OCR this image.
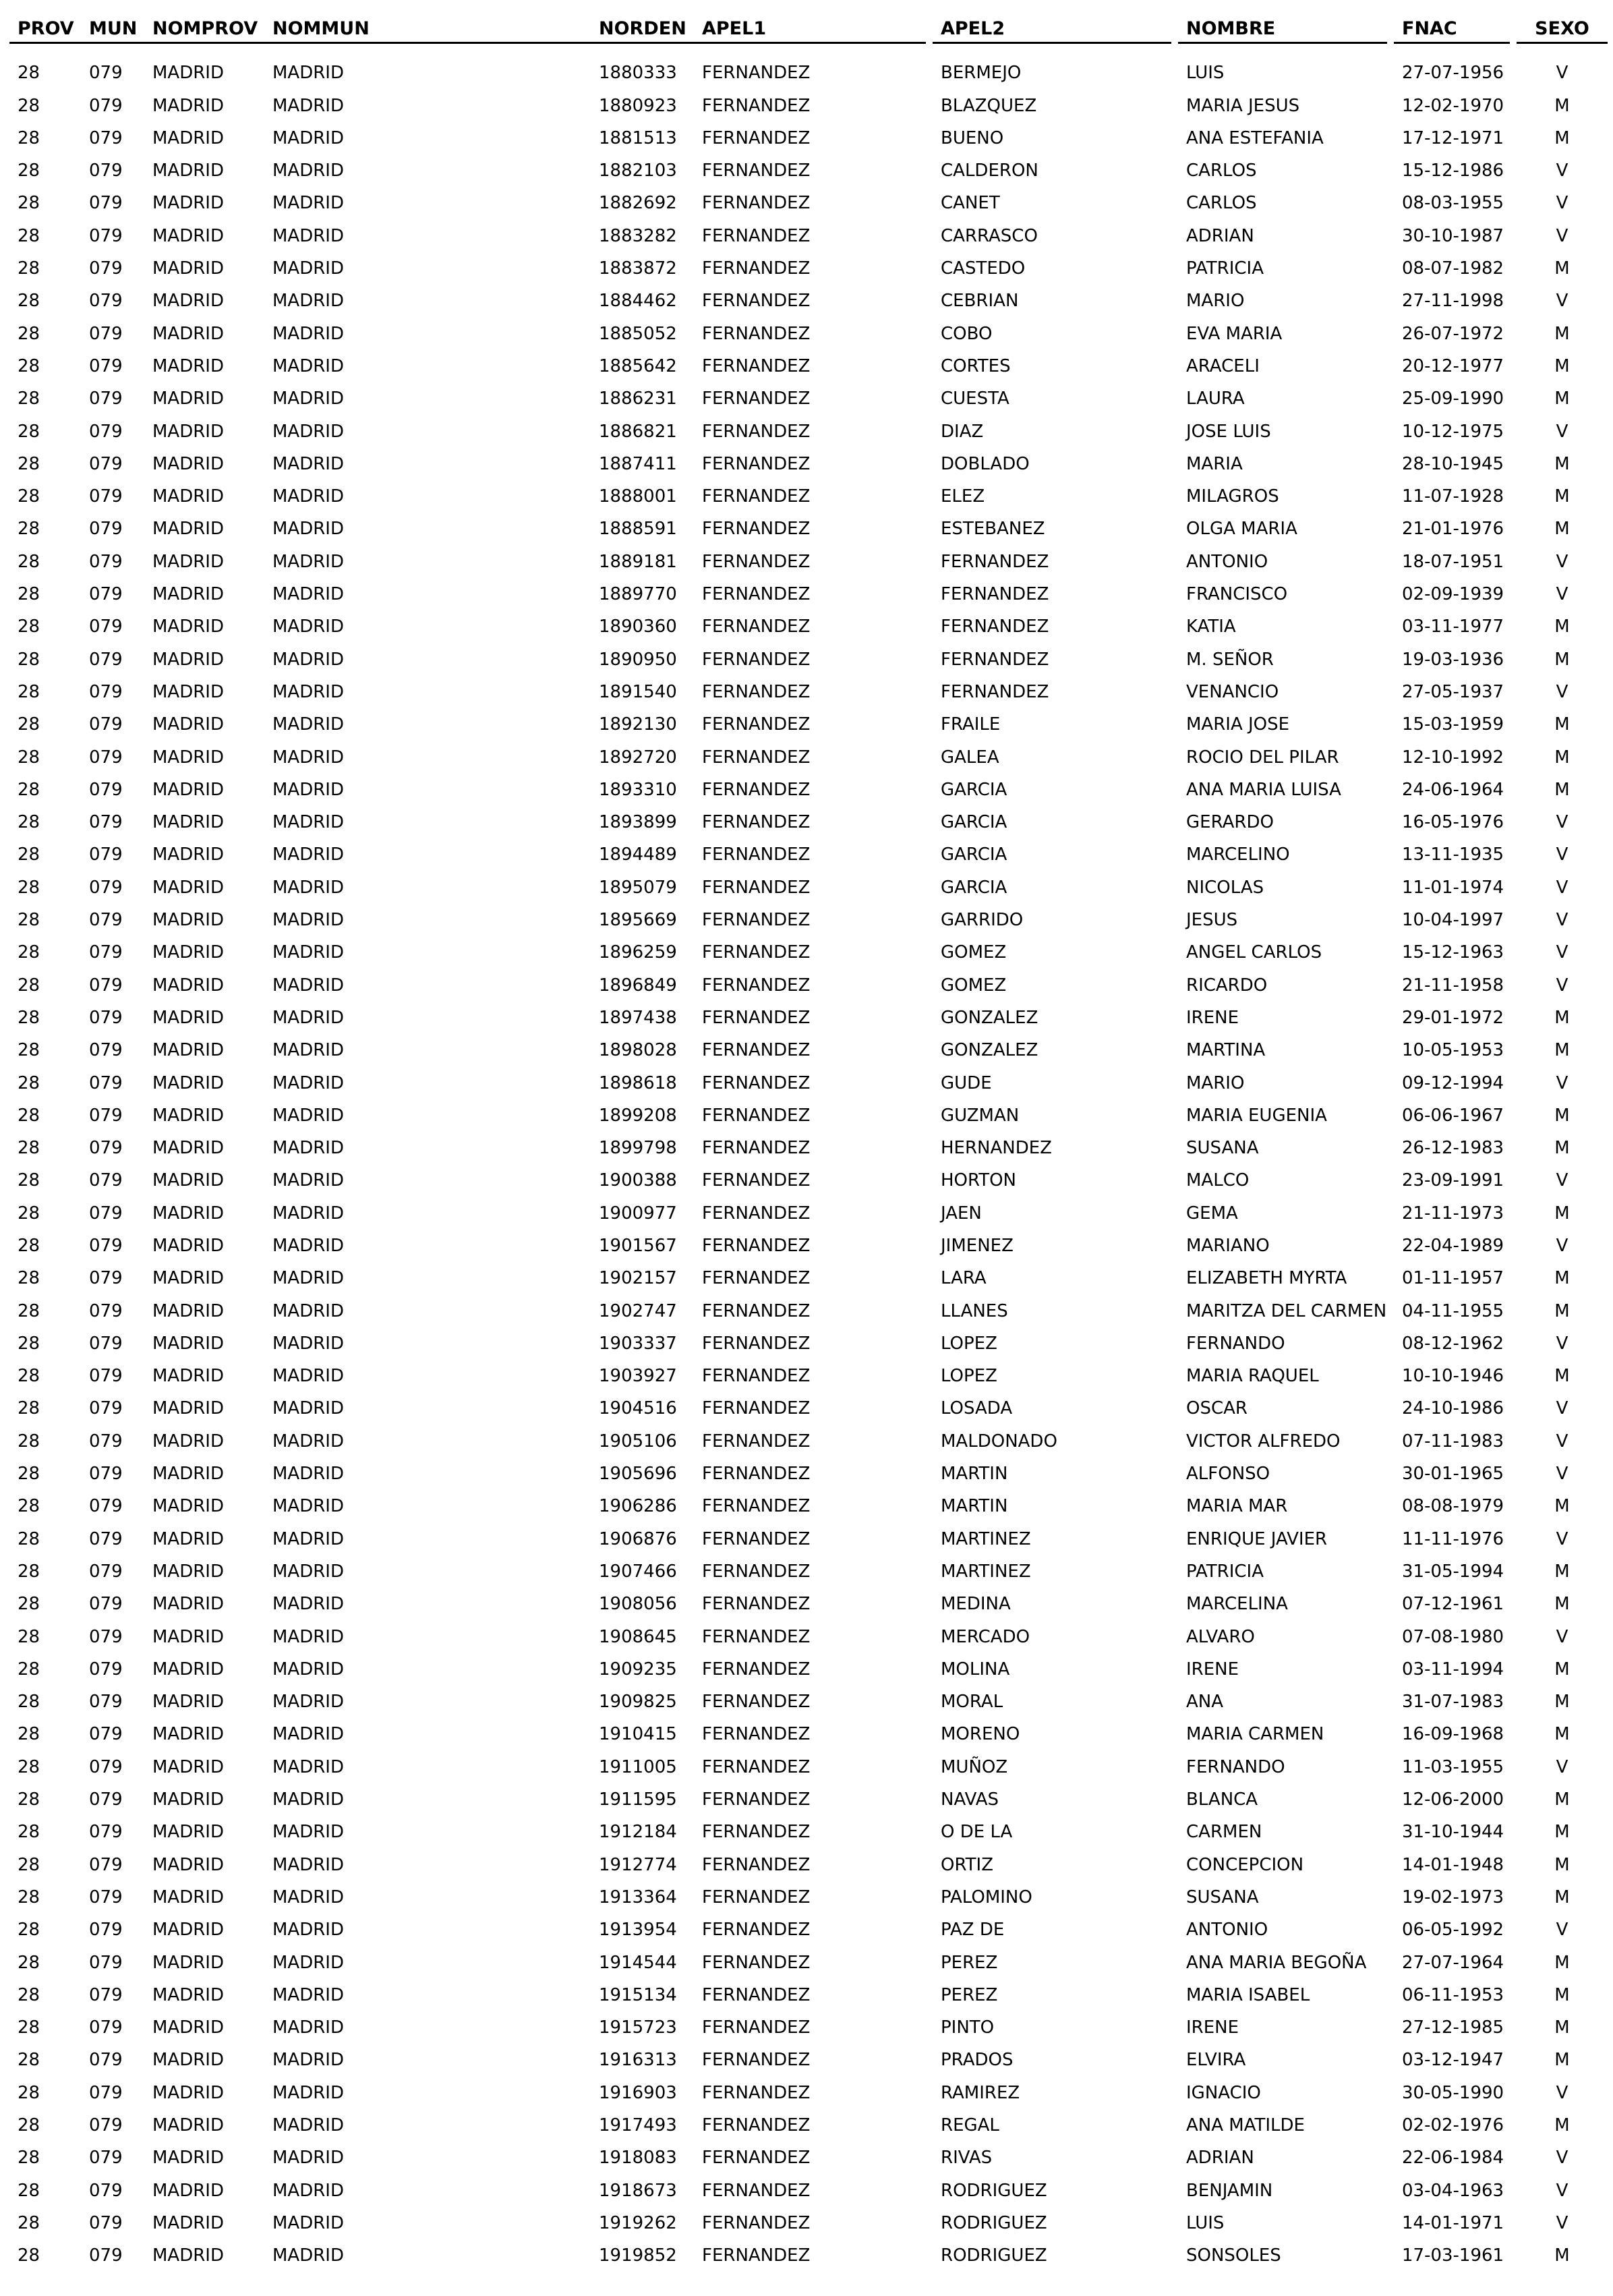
PROV	MUN	NOMPROV	NOMMUN	NORDEN	APEL1		APEL2		NOMBRE		FNAC		SEXO

28	079	MADRID	MADRID	1880333	FERNANDEZ		BERMEJO		LUIS		27-07-1956		V
28	079	MADRID	MADRID	1880923	FERNANDEZ		BLAZQUEZ		MARIA JESUS		12-02-1970		M
28	079	MADRID	MADRID	1881513	FERNANDEZ		BUENO		ANA ESTEFANIA		17-12-1971		M
28	079	MADRID	MADRID	1882103	FERNANDEZ		CALDERON		CARLOS		15-12-1986		V
28	079	MADRID	MADRID	1882692	FERNANDEZ		CANET		CARLOS		08-03-1955		V
28	079	MADRID	MADRID	1883282	FERNANDEZ		CARRASCO		ADRIAN		30-10-1987		V
28	079	MADRID	MADRID	1883872	FERNANDEZ		CASTEDO		PATRICIA		08-07-1982		M
28	079	MADRID	MADRID	1884462	FERNANDEZ		CEBRIAN		MARIO		27-11-1998		V
28	079	MADRID	MADRID	1885052	FERNANDEZ		COBO		EVA MARIA		26-07-1972		M
28	079	MADRID	MADRID	1885642	FERNANDEZ		CORTES		ARACELI		20-12-1977		M
28	079	MADRID	MADRID	1886231	FERNANDEZ		CUESTA		LAURA		25-09-1990		M
28	079	MADRID	MADRID	1886821	FERNANDEZ		DIAZ		JOSE LUIS		10-12-1975		V
28	079	MADRID	MADRID	1887411	FERNANDEZ		DOBLADO		MARIA		28-10-1945		M
28	079	MADRID	MADRID	1888001	FERNANDEZ		ELEZ		MILAGROS		11-07-1928		M
28	079	MADRID	MADRID	1888591	FERNANDEZ		ESTEBANEZ		OLGA MARIA		21-01-1976		M
28	079	MADRID	MADRID	1889181	FERNANDEZ		FERNANDEZ		ANTONIO		18-07-1951		V
28	079	MADRID	MADRID	1889770	FERNANDEZ		FERNANDEZ		FRANCISCO		02-09-1939		V
28	079	MADRID	MADRID	1890360	FERNANDEZ		FERNANDEZ		KATIA		03-11-1977		M
28	079	MADRID	MADRID	1890950	FERNANDEZ		FERNANDEZ		M. SEÑOR		19-03-1936		M
28	079	MADRID	MADRID	1891540	FERNANDEZ		FERNANDEZ		VENANCIO		27-05-1937		V
28	079	MADRID	MADRID	1892130	FERNANDEZ		FRAILE		MARIA JOSE		15-03-1959		M
28	079	MADRID	MADRID	1892720	FERNANDEZ		GALEA		ROCIO DEL PILAR		12-10-1992		M
28	079	MADRID	MADRID	1893310	FERNANDEZ		GARCIA		ANA MARIA LUISA		24-06-1964		M
28	079	MADRID	MADRID	1893899	FERNANDEZ		GARCIA		GERARDO		16-05-1976		V
28	079	MADRID	MADRID	1894489	FERNANDEZ		GARCIA		MARCELINO		13-11-1935		V
28	079	MADRID	MADRID	1895079	FERNANDEZ		GARCIA		NICOLAS		11-01-1974		V
28	079	MADRID	MADRID	1895669	FERNANDEZ		GARRIDO		JESUS		10-04-1997		V
28	079	MADRID	MADRID	1896259	FERNANDEZ		GOMEZ		ANGEL CARLOS		15-12-1963		V
28	079	MADRID	MADRID	1896849	FERNANDEZ		GOMEZ		RICARDO		21-11-1958		V
28	079	MADRID	MADRID	1897438	FERNANDEZ		GONZALEZ		IRENE		29-01-1972		M
28	079	MADRID	MADRID	1898028	FERNANDEZ		GONZALEZ		MARTINA		10-05-1953		M
28	079	MADRID	MADRID	1898618	FERNANDEZ		GUDE		MARIO		09-12-1994		V
28	079	MADRID	MADRID	1899208	FERNANDEZ		GUZMAN		MARIA EUGENIA		06-06-1967		M
28	079	MADRID	MADRID	1899798	FERNANDEZ		HERNANDEZ		SUSANA		26-12-1983		M
28	079	MADRID	MADRID	1900388	FERNANDEZ		HORTON		MALCO		23-09-1991		V
28	079	MADRID	MADRID	1900977	FERNANDEZ		JAEN		GEMA		21-11-1973		M
28	079	MADRID	MADRID	1901567	FERNANDEZ		JIMENEZ		MARIANO		22-04-1989		V
28	079	MADRID	MADRID	1902157	FERNANDEZ		LARA		ELIZABETH MYRTA		01-11-1957		M
28	079	MADRID	MADRID	1902747	FERNANDEZ		LLANES		MARITZA DEL CARMEN		04-11-1955		M
28	079	MADRID	MADRID	1903337	FERNANDEZ		LOPEZ		FERNANDO		08-12-1962		V
28	079	MADRID	MADRID	1903927	FERNANDEZ		LOPEZ		MARIA RAQUEL		10-10-1946		M
28	079	MADRID	MADRID	1904516	FERNANDEZ		LOSADA		OSCAR		24-10-1986		V
28	079	MADRID	MADRID	1905106	FERNANDEZ		MALDONADO		VICTOR ALFREDO		07-11-1983		V
28	079	MADRID	MADRID	1905696	FERNANDEZ		MARTIN		ALFONSO		30-01-1965		V
28	079	MADRID	MADRID	1906286	FERNANDEZ		MARTIN		MARIA MAR		08-08-1979		M
28	079	MADRID	MADRID	1906876	FERNANDEZ		MARTINEZ		ENRIQUE JAVIER		11-11-1976		V
28	079	MADRID	MADRID	1907466	FERNANDEZ		MARTINEZ		PATRICIA		31-05-1994		M
28	079	MADRID	MADRID	1908056	FERNANDEZ		MEDINA		MARCELINA		07-12-1961		M
28	079	MADRID	MADRID	1908645	FERNANDEZ		MERCADO		ALVARO		07-08-1980		V
28	079	MADRID	MADRID	1909235	FERNANDEZ		MOLINA		IRENE		03-11-1994		M
28	079	MADRID	MADRID	1909825	FERNANDEZ		MORAL		ANA		31-07-1983		M
28	079	MADRID	MADRID	1910415	FERNANDEZ		MORENO		MARIA CARMEN		16-09-1968		M
28	079	MADRID	MADRID	1911005	FERNANDEZ		MUÑOZ		FERNANDO		11-03-1955		V
28	079	MADRID	MADRID	1911595	FERNANDEZ		NAVAS		BLANCA		12-06-2000		M
28	079	MADRID	MADRID	1912184	FERNANDEZ		O DE LA		CARMEN		31-10-1944		M
28	079	MADRID	MADRID	1912774	FERNANDEZ		ORTIZ		CONCEPCION		14-01-1948		M
28	079	MADRID	MADRID	1913364	FERNANDEZ		PALOMINO		SUSANA		19-02-1973		M
28	079	MADRID	MADRID	1913954	FERNANDEZ		PAZ DE		ANTONIO		06-05-1992		V
28	079	MADRID	MADRID	1914544	FERNANDEZ		PEREZ		ANA MARIA BEGOÑA		27-07-1964		M
28	079	MADRID	MADRID	1915134	FERNANDEZ		PEREZ		MARIA ISABEL		06-11-1953		M
28	079	MADRID	MADRID	1915723	FERNANDEZ		PINTO		IRENE		27-12-1985		M
28	079	MADRID	MADRID	1916313	FERNANDEZ		PRADOS		ELVIRA		03-12-1947		M
28	079	MADRID	MADRID	1916903	FERNANDEZ		RAMIREZ		IGNACIO		30-05-1990		V
28	079	MADRID	MADRID	1917493	FERNANDEZ		REGAL		ANA MATILDE		02-02-1976		M
28	079	MADRID	MADRID	1918083	FERNANDEZ		RIVAS		ADRIAN		22-06-1984		V
28	079	MADRID	MADRID	1918673	FERNANDEZ		RODRIGUEZ		BENJAMIN		03-04-1963		V
28	079	MADRID	MADRID	1919262	FERNANDEZ		RODRIGUEZ		LUIS		14-01-1971		V
28	079	MADRID	MADRID	1919852	FERNANDEZ		RODRIGUEZ		SONSOLES		17-03-1961		M
